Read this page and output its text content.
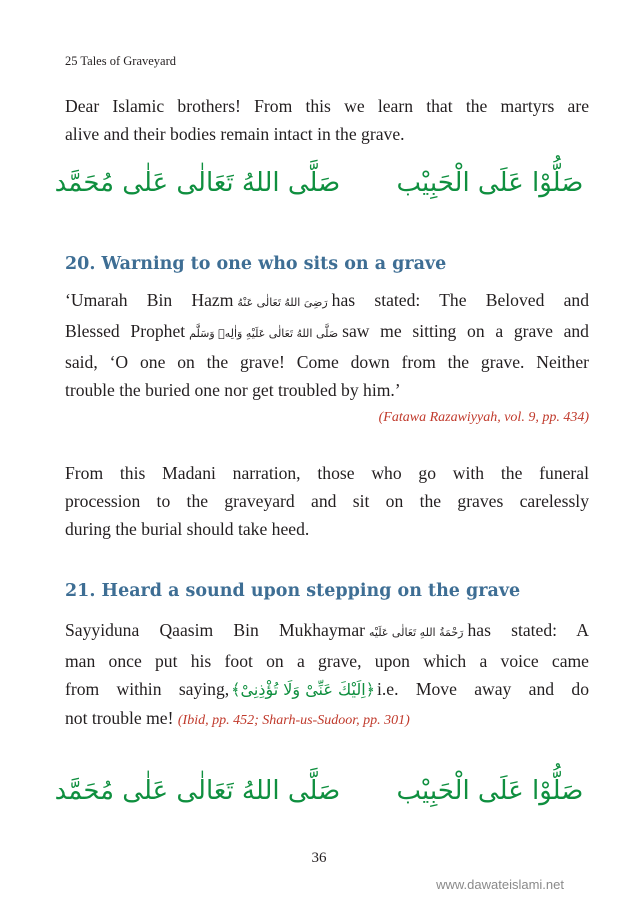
25 Tales of Graveyard
Dear Islamic brothers! From this we learn that the martyrs are
alive and their bodies remain intact in the grave.
صَلُّوْا عَلَى الْحَبِيْب صَلَّى اللهُ تَعَالٰى عَلٰى مُحَمَّد
20. Warning to one who sits on a grave
‘Umarah Bin Hazm رَضِیَ اللهُ تَعَالٰی عَنْهُ has stated: The Beloved and
Blessed Prophet صَلَّی اللهُ تَعَالٰی عَلَیْهِ وَاٰلِهٖ وَسَلَّم saw me sitting on a grave and
said, ‘O one on the grave! Come down from the grave. Neither
trouble the buried one nor get troubled by him.’
(Fatawa Razawiyyah, vol. 9, pp. 434)
From this Madani narration, those who go with the funeral
procession to the graveyard and sit on the graves carelessly
during the burial should take heed.
21. Heard a sound upon stepping on the grave
Sayyiduna Qaasim Bin Mukhaymar رَحْمَةُ اللهِ تَعَالٰی عَلَیْه has stated: A
man once put his foot on a grave, upon which a voice came
from within saying, ﴿اِلَيْكَ عَنِّىْ وَلَا تُؤْذِنِىْ﴾ i.e. Move away and do
not trouble me! (Ibid, pp. 452; Sharh-us-Sudoor, pp. 301)
صَلُّوْا عَلَى الْحَبِيْب صَلَّى اللهُ تَعَالٰى عَلٰى مُحَمَّد
36
www.dawateislami.net
